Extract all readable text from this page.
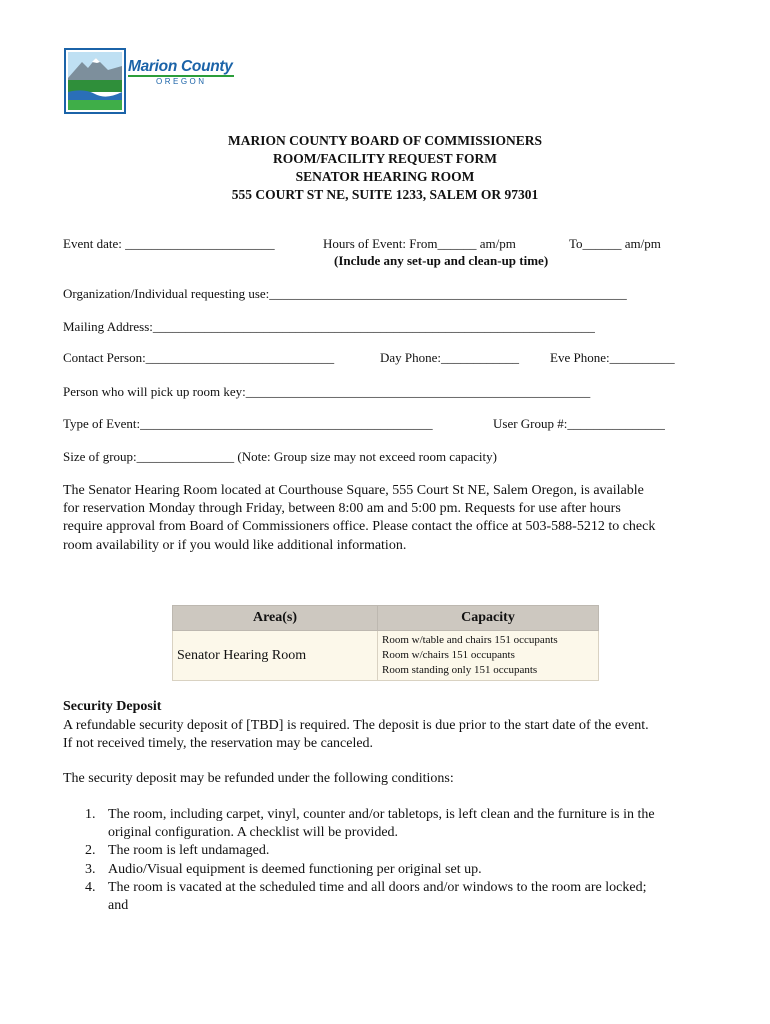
Marion County
OREGON
MARION COUNTY BOARD OF COMMISSIONERS
ROOM/FACILITY REQUEST FORM
SENATOR HEARING ROOM
555 COURT ST NE, SUITE 1233, SALEM OR 97301
Event date: _______________________	Hours of Event: From______ am/pm	To______ am/pm
(Include any set-up and clean-up time)
Organization/Individual requesting use:_______________________________________________________
Mailing Address:____________________________________________________________________
Contact Person:_____________________________	Day Phone:____________ Eve Phone:__________
Person who will pick up room key:_____________________________________________________
Type of Event:_____________________________________________	User Group #:_______________
Size of group:_______________ (Note: Group size may not exceed room capacity)
The Senator Hearing Room located at Courthouse Square, 555 Court St NE, Salem Oregon, is available
for reservation Monday through Friday, between 8:00 am and 5:00 pm. Requests for use after hours
require approval from Board of Commissioners office. Please contact the office at 503-588-5212 to check
room availability or if you would like additional information.
Area(s)	Capacity
Senator Hearing Room	Room w/table and chairs 151 occupants
Room w/chairs 151 occupants
Room standing only 151 occupants
Security Deposit
A refundable security deposit of [TBD] is required. The deposit is due prior to the start date of the event.
If not received timely, the reservation may be canceled.
The security deposit may be refunded under the following conditions:
1. The room, including carpet, vinyl, counter and/or tabletops, is left clean and the furniture is in the
original configuration. A checklist will be provided.
2. The room is left undamaged.
3. Audio/Visual equipment is deemed functioning per original set up.
4. The room is vacated at the scheduled time and all doors and/or windows to the room are locked;
and
